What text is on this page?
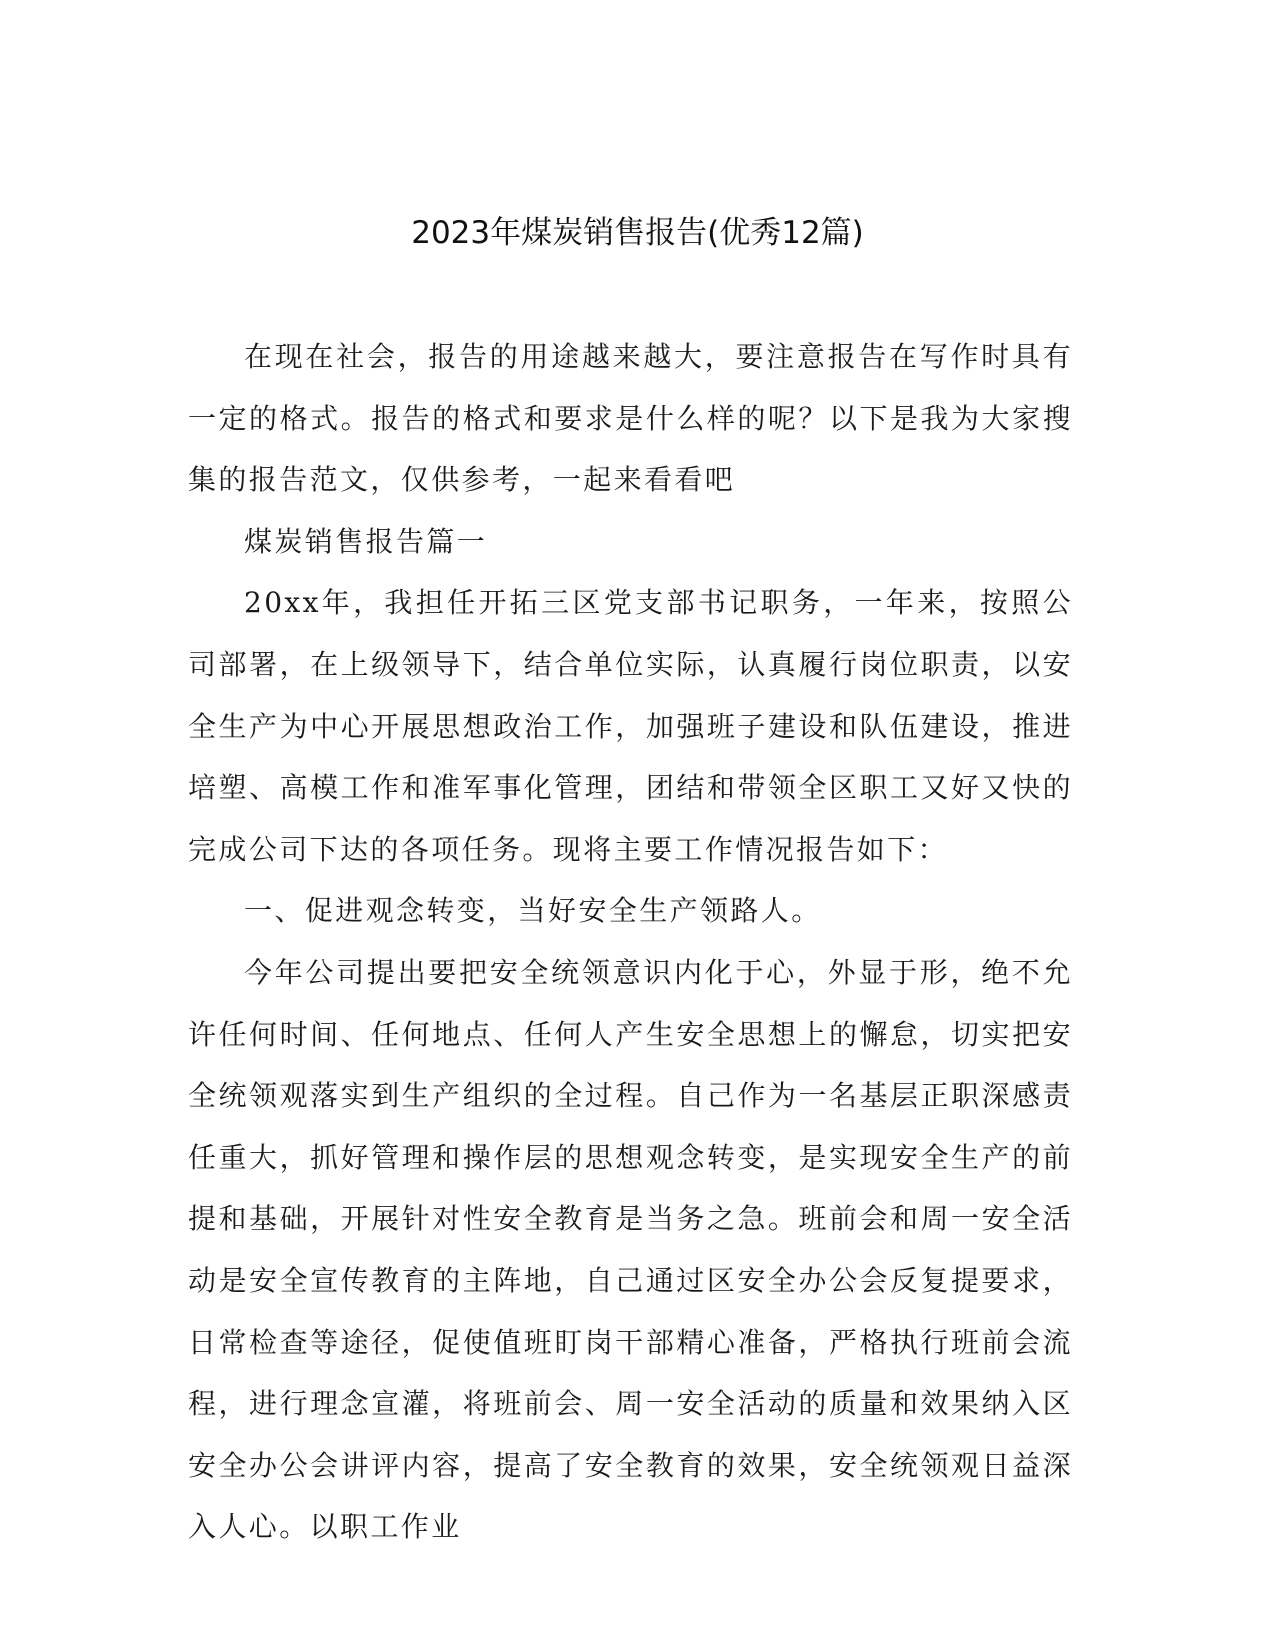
2023年煤炭销售报告(优秀12篇)

在现在社会，报告的用途越来越大，要注意报告在写作时具有一定的格式。报告的格式和要求是什么样的呢？以下是我为大家搜集的报告范文，仅供参考，一起来看看吧

煤炭销售报告篇一

20xx年，我担任开拓三区党支部书记职务，一年来，按照公司部署，在上级领导下，结合单位实际，认真履行岗位职责，以安全生产为中心开展思想政治工作，加强班子建设和队伍建设，推进培塑、高模工作和准军事化管理，团结和带领全区职工又好又快的完成公司下达的各项任务。现将主要工作情况报告如下：

一、促进观念转变，当好安全生产领路人。

今年公司提出要把安全统领意识内化于心，外显于形，绝不允许任何时间、任何地点、任何人产生安全思想上的懈怠，切实把安全统领观落实到生产组织的全过程。自己作为一名基层正职深感责任重大，抓好管理和操作层的思想观念转变，是实现安全生产的前提和基础，开展针对性安全教育是当务之急。班前会和周一安全活动是安全宣传教育的主阵地，自己通过区安全办公会反复提要求，日常检查等途径，促使值班盯岗干部精心准备，严格执行班前会流程，进行理念宣灌，将班前会、周一安全活动的质量和效果纳入区安全办公会讲评内容，提高了安全教育的效果，安全统领观日益深入人心。以职工作业
